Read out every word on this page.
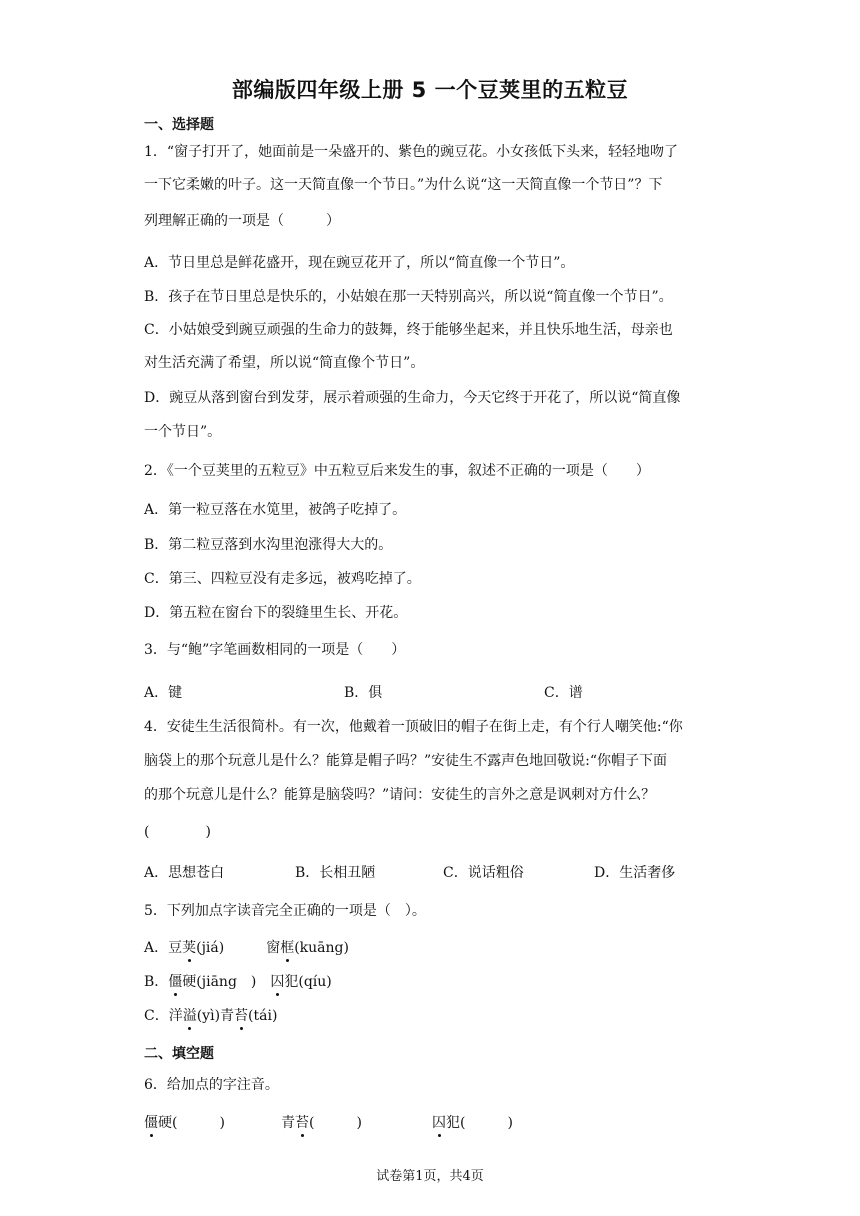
部编版四年级上册 5 一个豆荚里的五粒豆
一、选择题
1．“窗子打开了，她面前是一朵盛开的、紫色的豌豆花。小女孩低下头来，轻轻地吻了
一下它柔嫩的叶子。这一天简直像一个节日。”为什么说“这一天简直像一个节日”？下
列理解正确的一项是（　　　）
A．节日里总是鲜花盛开，现在豌豆花开了，所以“简直像一个节日”。
B．孩子在节日里总是快乐的，小姑娘在那一天特别高兴，所以说“简直像一个节日”。
C．小姑娘受到豌豆顽强的生命力的鼓舞，终于能够坐起来，并且快乐地生活，母亲也
对生活充满了希望，所以说“简直像个节日”。
D．豌豆从落到窗台到发芽，展示着顽强的生命力，今天它终于开花了，所以说“简直像
一个节日”。
2．《一个豆荚里的五粒豆》中五粒豆后来发生的事，叙述不正确的一项是（　　）
A．第一粒豆落在水笕里，被鸽子吃掉了。
B．第二粒豆落到水沟里泡涨得大大的。
C．第三、四粒豆没有走多远，被鸡吃掉了。
D．第五粒在窗台下的裂缝里生长、开花。
3．与“鲍”字笔画数相同的一项是（　　）
A．键	B．俱	C．谱
4．安徒生生活很简朴。有一次，他戴着一顶破旧的帽子在街上走，有个行人嘲笑他:“你
脑袋上的那个玩意儿是什么？能算是帽子吗？”安徒生不露声色地回敬说:“你帽子下面
的那个玩意儿是什么？能算是脑袋吗？”请问：安徒生的言外之意是讽刺对方什么？
(　　　　)
A．思想苍白	B．长相丑陋	C．说话粗俗	D．生活奢侈
5．下列加点字读音完全正确的一项是（　）。
A．豆荚(jiá)　　　窗框(kuāng)
B．僵硬(jiāng　)　囚犯(qíu)
C．洋溢(yì)青苔(tái)
二、填空题
6．给加点的字注音。
僵硬(　　　)	青苔(　　　)	囚犯(　　　)
试卷第1页，共4页
